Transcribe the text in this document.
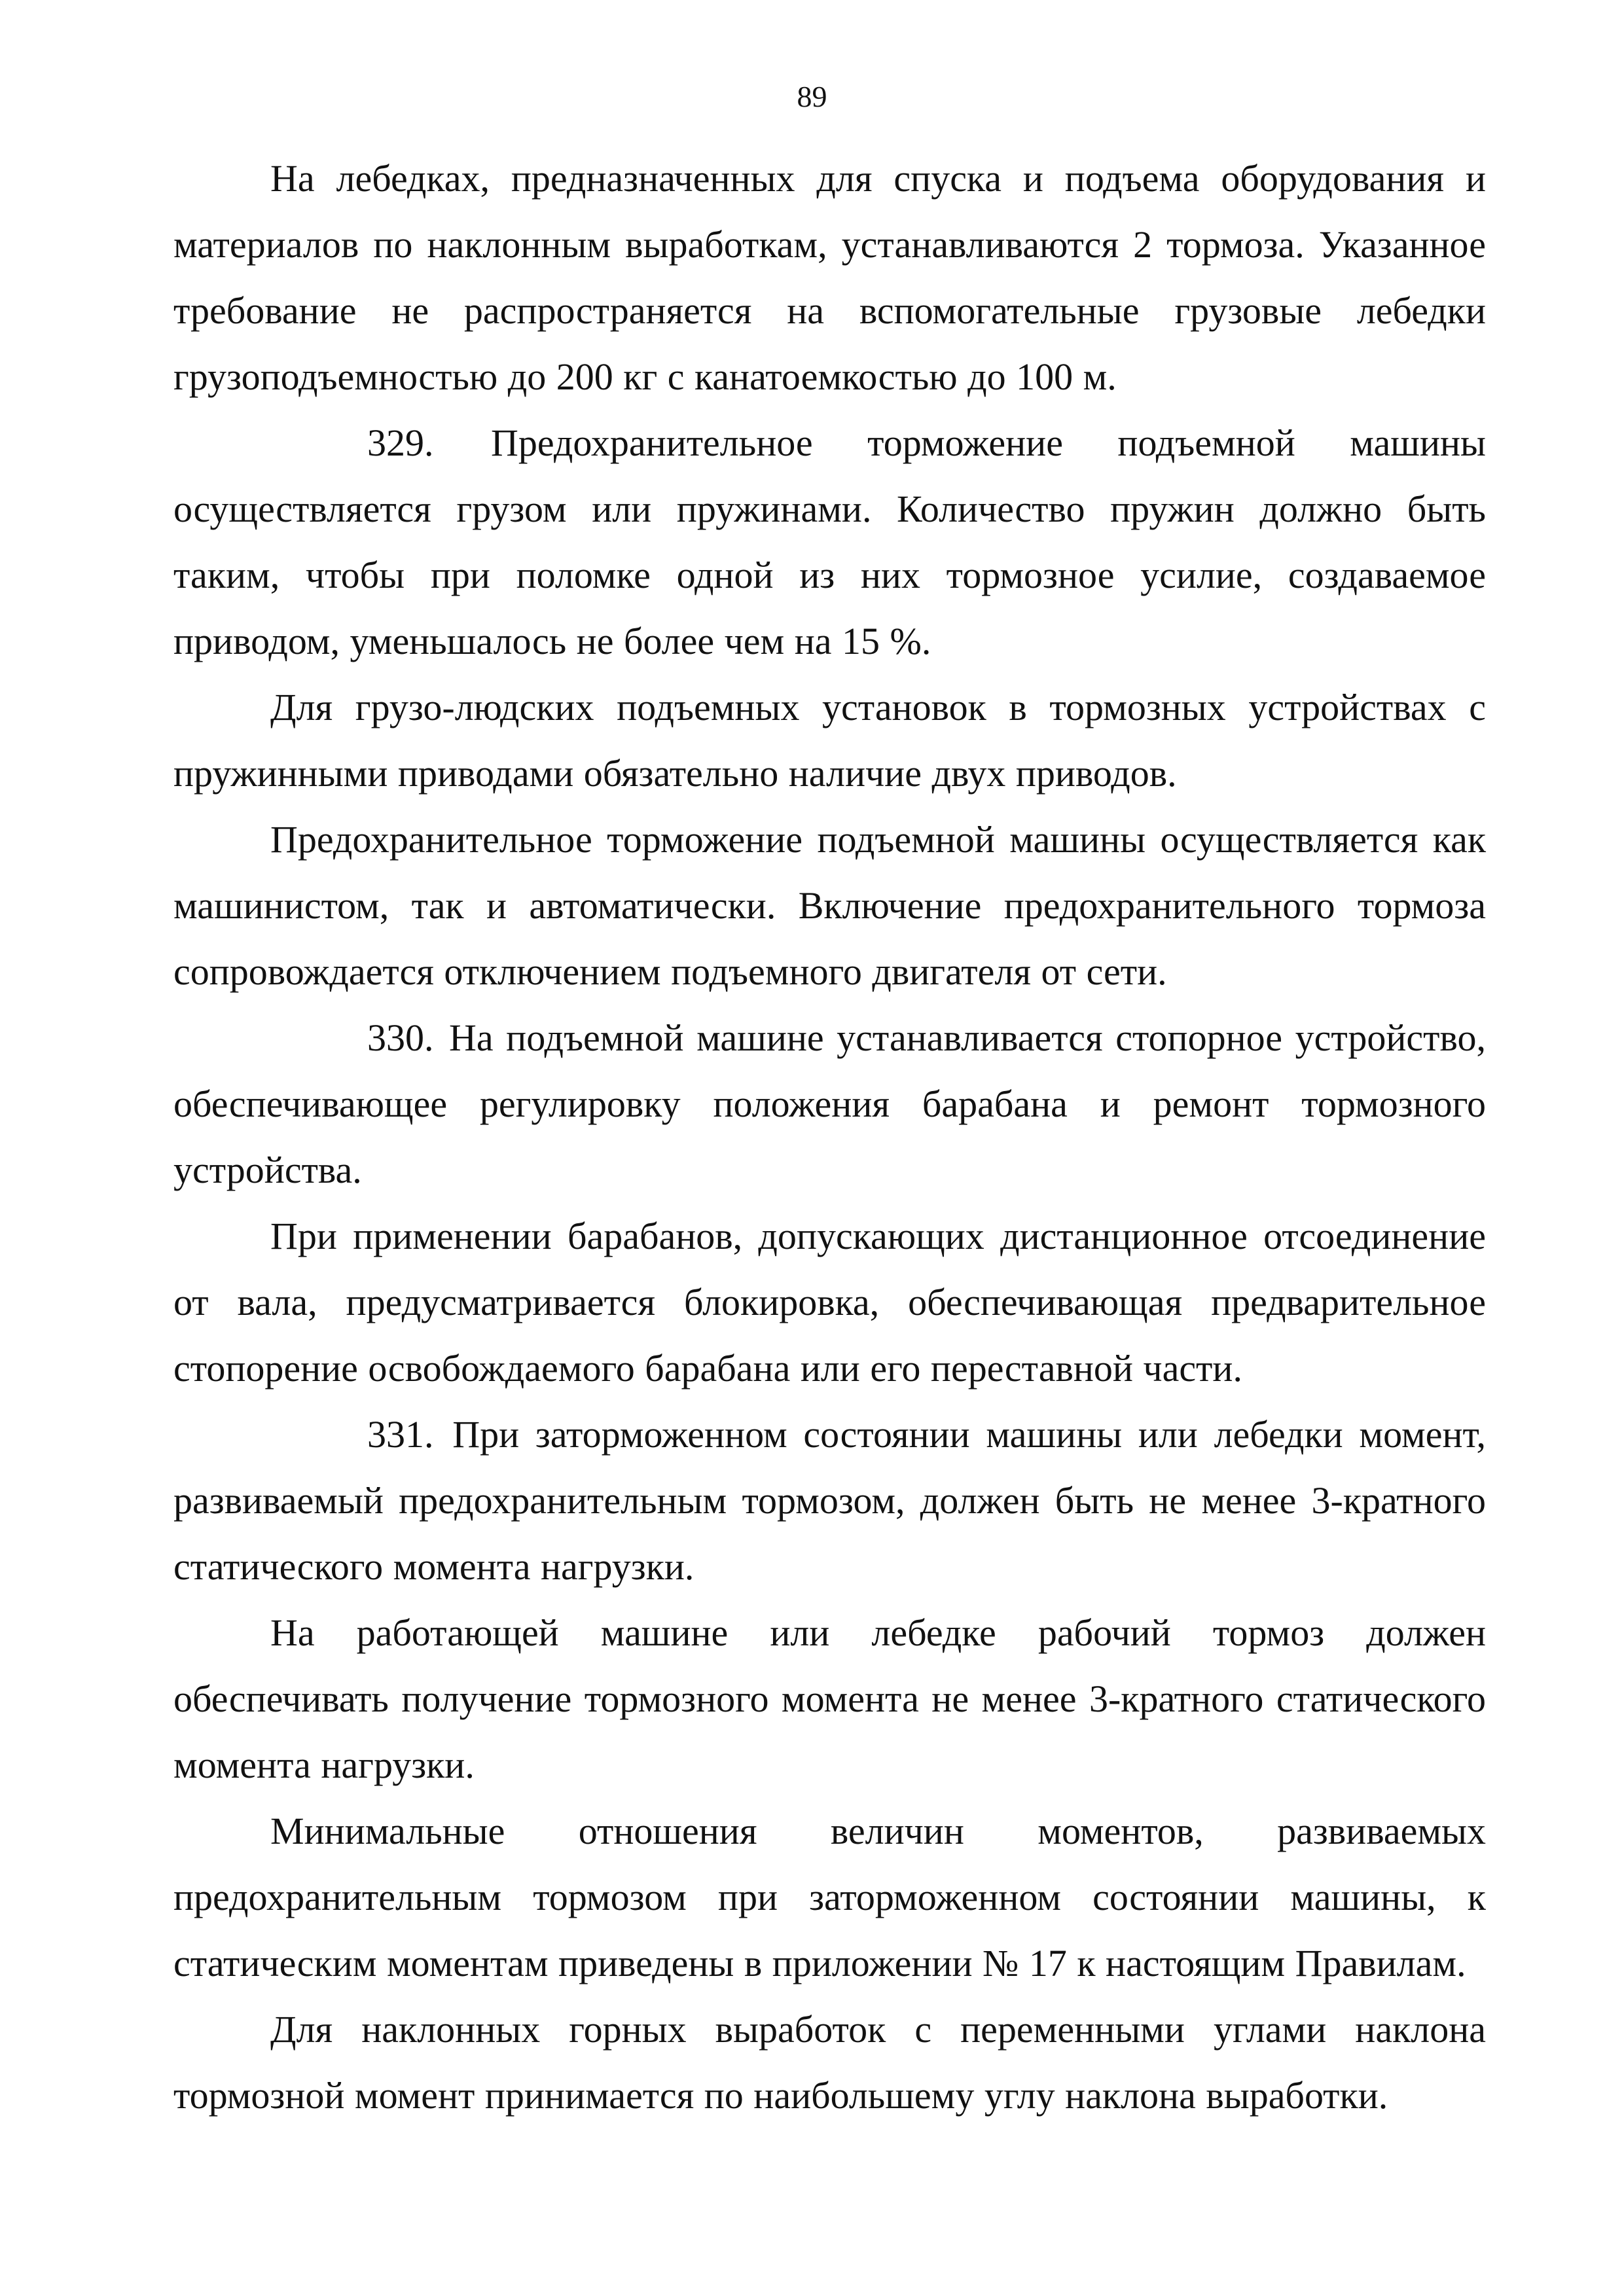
89

На лебедках, предназначенных для спуска и подъема оборудования и материалов по наклонным выработкам, устанавливаются 2 тормоза. Указанное требование не распространяется на вспомогательные грузовые лебедки грузоподъемностью до 200 кг с канатоемкостью до 100 м.

329. Предохранительное торможение подъемной машины осуществляется грузом или пружинами. Количество пружин должно быть таким, чтобы при поломке одной из них тормозное усилие, создаваемое приводом, уменьшалось не более чем на 15 %.

Для грузо-людских подъемных установок в тормозных устройствах с пружинными приводами обязательно наличие двух приводов.

Предохранительное торможение подъемной машины осуществляется как машинистом, так и автоматически. Включение предохранительного тормоза сопровождается отключением подъемного двигателя от сети.

330. На подъемной машине устанавливается стопорное устройство, обеспечивающее регулировку положения барабана и ремонт тормозного устройства.

При применении барабанов, допускающих дистанционное отсоединение от вала, предусматривается блокировка, обеспечивающая предварительное стопорение освобождаемого барабана или его переставной части.

331. При заторможенном состоянии машины или лебедки момент, развиваемый предохранительным тормозом, должен быть не менее 3-кратного статического момента нагрузки.

На работающей машине или лебедке рабочий тормоз должен обеспечивать получение тормозного момента не менее 3-кратного статического момента нагрузки.

Минимальные отношения величин моментов, развиваемых предохранительным тормозом при заторможенном состоянии машины, к статическим моментам приведены в приложении № 17 к настоящим Правилам.

Для наклонных горных выработок с переменными углами наклона тормозной момент принимается по наибольшему углу наклона выработки.
